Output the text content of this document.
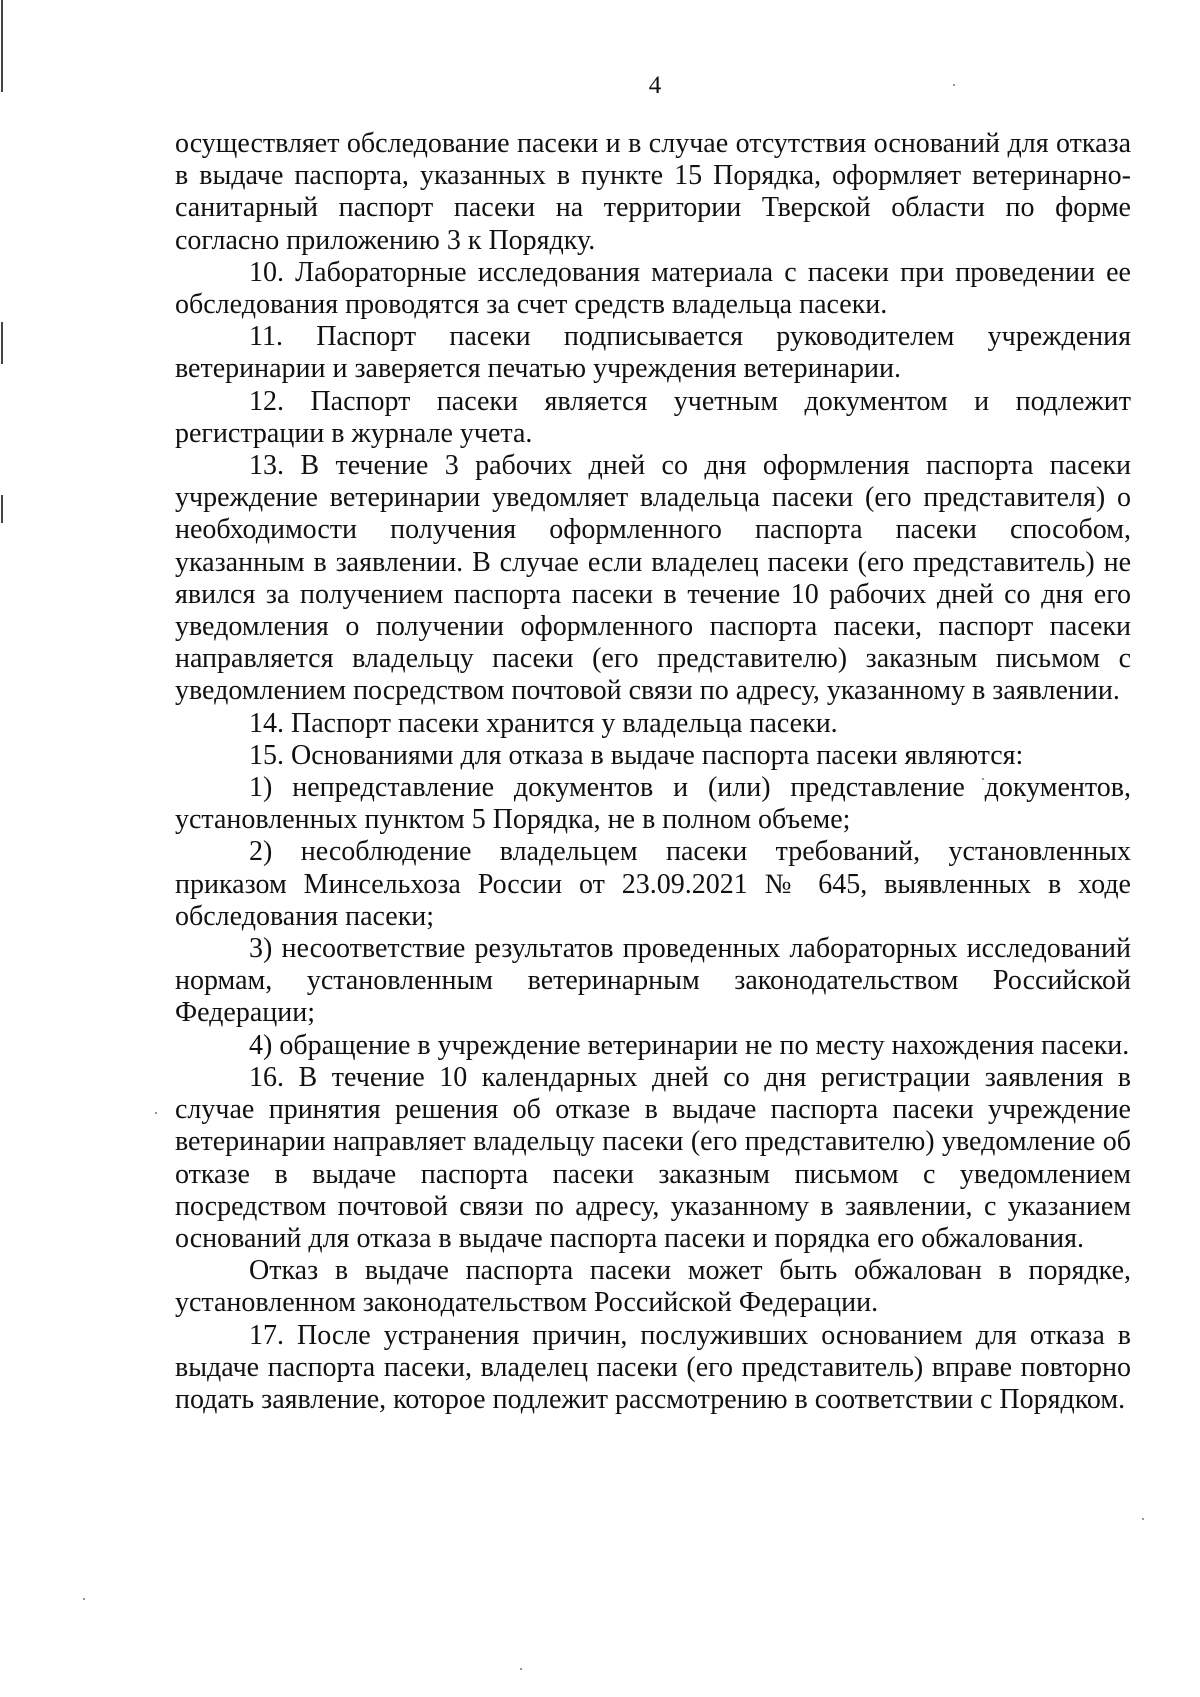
4

осуществляет обследование пасеки и в случае отсутствия оснований для отказа в выдаче паспорта, указанных в пункте 15 Порядка, оформляет ветеринарно-санитарный паспорт пасеки на территории Тверской области по форме согласно приложению 3 к Порядку.

10. Лабораторные исследования материала с пасеки при проведении ее обследования проводятся за счет средств владельца пасеки.

11. Паспорт пасеки подписывается руководителем учреждения ветеринарии и заверяется печатью учреждения ветеринарии.

12. Паспорт пасеки является учетным документом и подлежит регистрации в журнале учета.

13. В течение 3 рабочих дней со дня оформления паспорта пасеки учреждение ветеринарии уведомляет владельца пасеки (его представителя) о необходимости получения оформленного паспорта пасеки способом, указанным в заявлении. В случае если владелец пасеки (его представитель) не явился за получением паспорта пасеки в течение 10 рабочих дней со дня его уведомления о получении оформленного паспорта пасеки, паспорт пасеки направляется владельцу пасеки (его представителю) заказным письмом с уведомлением посредством почтовой связи по адресу, указанному в заявлении.

14. Паспорт пасеки хранится у владельца пасеки.

15. Основаниями для отказа в выдаче паспорта пасеки являются:

1) непредставление документов и (или) представление документов, установленных пунктом 5 Порядка, не в полном объеме;

2) несоблюдение владельцем пасеки требований, установленных приказом Минсельхоза России от 23.09.2021 № 645, выявленных в ходе обследования пасеки;

3) несоответствие результатов проведенных лабораторных исследований нормам, установленным ветеринарным законодательством Российской Федерации;

4) обращение в учреждение ветеринарии не по месту нахождения пасеки.

16. В течение 10 календарных дней со дня регистрации заявления в случае принятия решения об отказе в выдаче паспорта пасеки учреждение ветеринарии направляет владельцу пасеки (его представителю) уведомление об отказе в выдаче паспорта пасеки заказным письмом с уведомлением посредством почтовой связи по адресу, указанному в заявлении, с указанием оснований для отказа в выдаче паспорта пасеки и порядка его обжалования.

Отказ в выдаче паспорта пасеки может быть обжалован в порядке, установленном законодательством Российской Федерации.

17. После устранения причин, послуживших основанием для отказа в выдаче паспорта пасеки, владелец пасеки (его представитель) вправе повторно подать заявление, которое подлежит рассмотрению в соответствии с Порядком.
